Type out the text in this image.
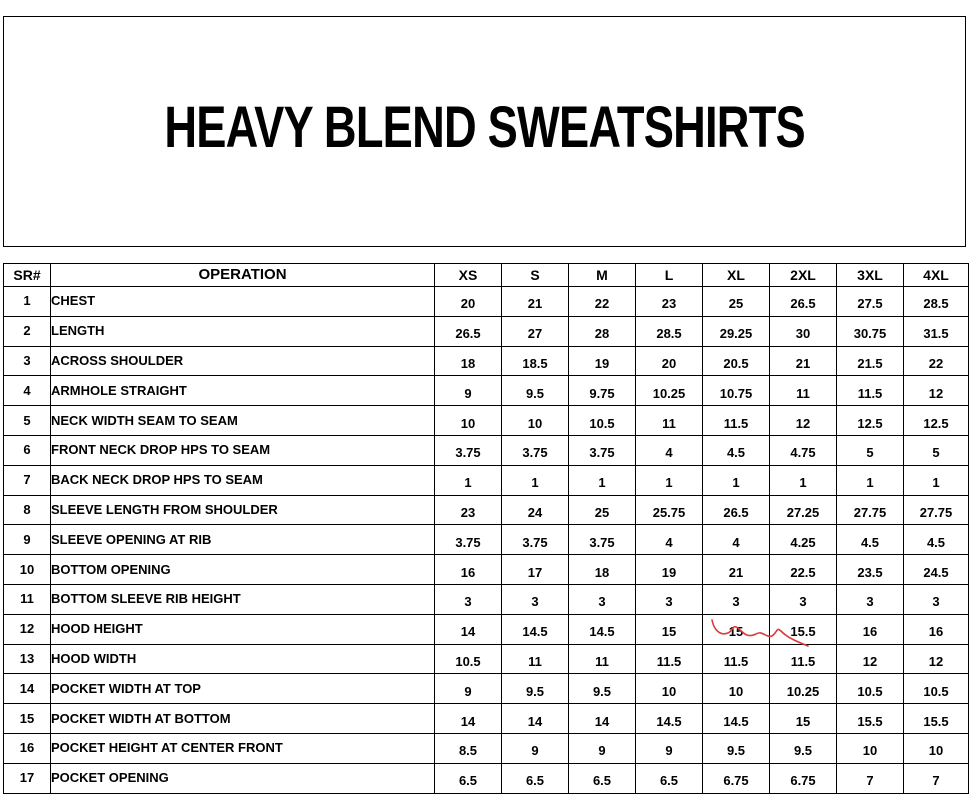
HEAVY BLEND SWEATSHIRTS
SR#	OPERATION	XS	S	M	L	XL	2XL	3XL	4XL
1	CHEST	20	21	22	23	25	26.5	27.5	28.5
2	LENGTH	26.5	27	28	28.5	29.25	30	30.75	31.5
3	ACROSS SHOULDER	18	18.5	19	20	20.5	21	21.5	22
4	ARMHOLE STRAIGHT	9	9.5	9.75	10.25	10.75	11	11.5	12
5	NECK WIDTH SEAM TO SEAM	10	10	10.5	11	11.5	12	12.5	12.5
6	FRONT NECK DROP HPS TO SEAM	3.75	3.75	3.75	4	4.5	4.75	5	5
7	BACK NECK DROP HPS TO SEAM	1	1	1	1	1	1	1	1
8	SLEEVE LENGTH FROM SHOULDER	23	24	25	25.75	26.5	27.25	27.75	27.75
9	SLEEVE OPENING AT RIB	3.75	3.75	3.75	4	4	4.25	4.5	4.5
10	BOTTOM OPENING	16	17	18	19	21	22.5	23.5	24.5
11	BOTTOM SLEEVE RIB HEIGHT	3	3	3	3	3	3	3	3
12	HOOD HEIGHT	14	14.5	14.5	15	15	15.5	16	16
13	HOOD WIDTH	10.5	11	11	11.5	11.5	11.5	12	12
14	POCKET WIDTH AT TOP	9	9.5	9.5	10	10	10.25	10.5	10.5
15	POCKET WIDTH AT BOTTOM	14	14	14	14.5	14.5	15	15.5	15.5
16	POCKET HEIGHT AT CENTER FRONT	8.5	9	9	9	9.5	9.5	10	10
17	POCKET OPENING	6.5	6.5	6.5	6.5	6.75	6.75	7	7
